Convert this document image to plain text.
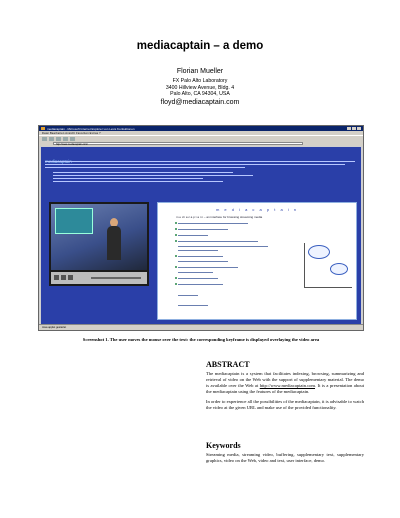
mediacaptain – a demo
Florian Mueller
FX Palo Alto Laboratory
3400 Hillview Avenue, Bldg. 4
Palo Alto, CA 94304, USA
floyd@mediacaptain.com
mediacaptain - Microsoft Internet Explorer von Lexis Konfektionen
Datei Bearbeiten Ansicht Favoriten Extras ?
http://www.mediacaptain.com/
m e d i a c a p t a i n
m e d i a c a p t a i n – an interface for browsing streaming media
Java applet gestartet
Screenshot 1. The user moves the mouse over the text: the corresponding keyframe is displayed overlaying the video area
ABSTRACT

The mediacaptain is a system that facilitates indexing, browsing, summarizing and retrieval of video on the Web with the support of supplementary material. The demo is available over the Web at http://www.mediacaptain.com. It is a presentation about the mediacaptain using the features of the mediacaptain.

In order to experience all the possibilities of the mediacaptain, it is advisable to watch the video at the given URL and make use of the provided functionality.

Keywords
Streaming media, streaming video, buffering, supplementary text, supplementary graphics, video on the Web, video and text, user interface, demo.
